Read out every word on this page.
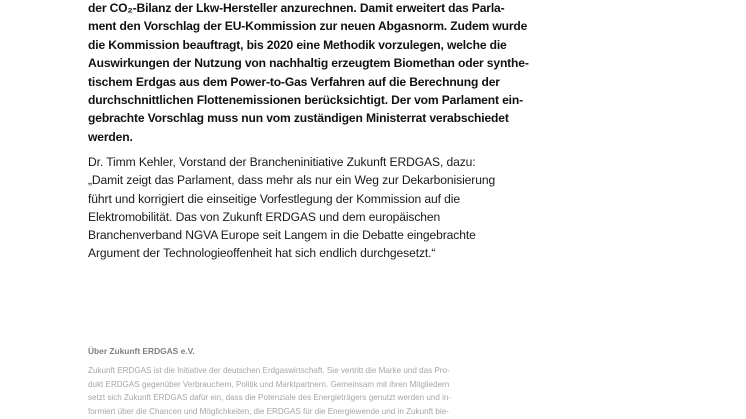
der CO₂-Bilanz der Lkw-Hersteller anzurechnen. Damit erweitert das Parla-
ment den Vorschlag der EU-Kommission zur neuen Abgasnorm. Zudem wurde
die Kommission beauftragt, bis 2020 eine Methodik vorzulegen, welche die
Auswirkungen der Nutzung von nachhaltig erzeugtem Biomethan oder synthe-
tischem Erdgas aus dem Power-to-Gas Verfahren auf die Berechnung der
durchschnittlichen Flottenemissionen berücksichtigt. Der vom Parlament ein-
gebrachte Vorschlag muss nun vom zuständigen Ministerrat verabschiedet
werden.

Dr. Timm Kehler, Vorstand der Brancheninitiative Zukunft ERDGAS, dazu:
„Damit zeigt das Parlament, dass mehr als nur ein Weg zur Dekarbonisierung
führt und korrigiert die einseitige Vorfestlegung der Kommission auf die
Elektromobilität. Das von Zukunft ERDGAS und dem europäischen
Branchenverband NGVA Europe seit Langem in die Debatte eingebrachte
Argument der Technologieoffenheit hat sich endlich durchgesetzt.“

Über Zukunft ERDGAS e.V.

Zukunft ERDGAS ist die Initiative der deutschen Erdgaswirtschaft. Sie vertritt die Marke und das Pro-
dukt ERDGAS gegenüber Verbrauchern, Politik und Marktpartnern. Gemeinsam mit ihren Mitgliedern
setzt sich Zukunft ERDGAS dafür ein, dass die Potenziale des Energieträgers genutzt werden und in-
formiert über die Chancen und Möglichkeiten, die ERDGAS für die Energiewende und in Zukunft bie-
